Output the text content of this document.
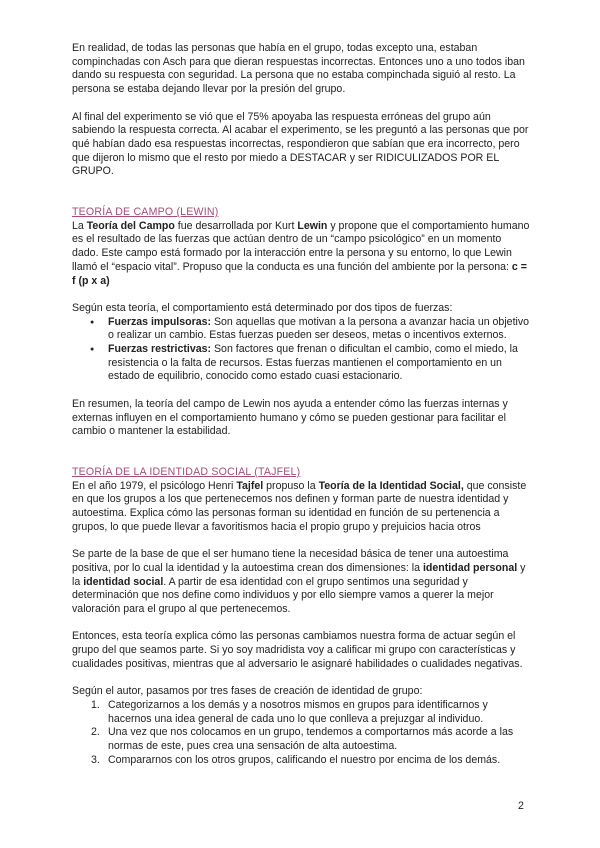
En realidad, de todas las personas que había en el grupo, todas excepto una, estaban compinchadas con Asch para que dieran respuestas incorrectas. Entonces uno a uno todos iban dando su respuesta con seguridad. La persona que no estaba compinchada siguió al resto. La persona se estaba dejando llevar por la presión del grupo.

Al final del experimento se vió que el 75% apoyaba las respuesta erróneas del grupo aún sabiendo la respuesta correcta. Al acabar el experimento, se les preguntó a las personas que por qué habían dado esa respuestas incorrectas, respondieron que sabían que era incorrecto, pero que dijeron lo mismo que el resto por miedo a DESTACAR y ser RIDICULIZADOS POR EL GRUPO.

TEORÍA DE CAMPO (LEWIN)

La Teoría del Campo fue desarrollada por Kurt Lewin y propone que el comportamiento humano es el resultado de las fuerzas que actúan dentro de un “campo psicológico” en un momento dado. Este campo está formado por la interacción entre la persona y su entorno, lo que Lewin llamó el “espacio vital”. Propuso que la conducta es una función del ambiente por la persona: c = f (p x a)

Según esta teoría, el comportamiento está determinado por dos tipos de fuerzas:

● Fuerzas impulsoras: Son aquellas que motivan a la persona a avanzar hacia un objetivo o realizar un cambio. Estas fuerzas pueden ser deseos, metas o incentivos externos.
● Fuerzas restrictivas: Son factores que frenan o dificultan el cambio, como el miedo, la resistencia o la falta de recursos. Estas fuerzas mantienen el comportamiento en un estado de equilibrio, conocido como estado cuasi estacionario.

En resumen, la teoría del campo de Lewin nos ayuda a entender cómo las fuerzas internas y externas influyen en el comportamiento humano y cómo se pueden gestionar para facilitar el cambio o mantener la estabilidad.

TEORÍA DE LA IDENTIDAD SOCIAL (TAJFEL)

En el año 1979, el psicólogo Henri Tajfel propuso la Teoría de la Identidad Social, que consiste en que los grupos a los que pertenecemos nos definen y forman parte de nuestra identidad y autoestima. Explica cómo las personas forman su identidad en función de su pertenencia a grupos, lo que puede llevar a favoritismos hacia el propio grupo y prejuicios hacia otros

Se parte de la base de que el ser humano tiene la necesidad básica de tener una autoestima positiva, por lo cual la identidad y la autoestima crean dos dimensiones: la identidad personal y la identidad social. A partir de esa identidad con el grupo sentimos una seguridad y determinación que nos define como individuos y por ello siempre vamos a querer la mejor valoración para el grupo al que pertenecemos.

Entonces, esta teoría explica cómo las personas cambiamos nuestra forma de actuar según el grupo del que seamos parte. Si yo soy madridista voy a calificar mi grupo con características y cualidades positivas, mientras que al adversario le asignaré habilidades o cualidades negativas.

Según el autor, pasamos por tres fases de creación de identidad de grupo:

1. Categorizarnos a los demás y a nosotros mismos en grupos para identificarnos y hacernos una idea general de cada uno lo que conlleva a prejuzgar al individuo.
2. Una vez que nos colocamos en un grupo, tendemos a comportarnos más acorde a las normas de este, pues crea una sensación de alta autoestima.
3. Compararnos con los otros grupos, calificando el nuestro por encima de los demás.
2
